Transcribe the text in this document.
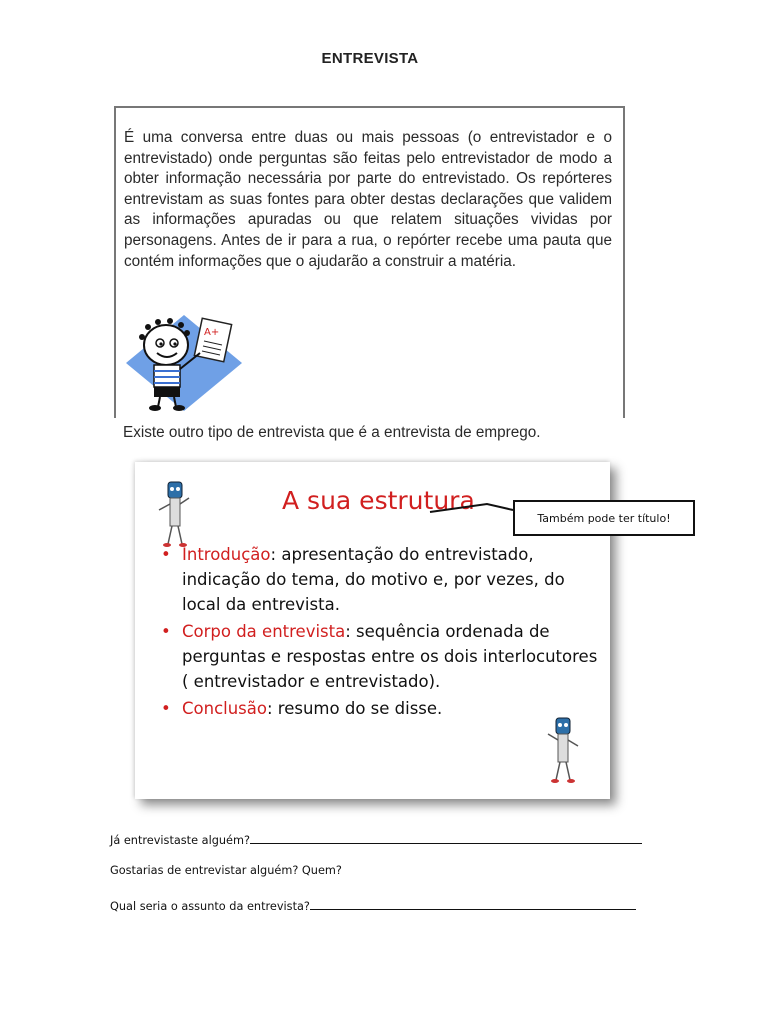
ENTREVISTA
É uma conversa entre duas ou mais pessoas (o entrevistador e o entrevistado) onde perguntas são feitas pelo entrevistador de modo a obter informação necessária por parte do entrevistado. Os repórteres entrevistam as suas fontes para obter destas declarações que validem as informações apuradas ou que relatem situações vividas por personagens. Antes de ir para a rua, o repórter recebe uma pauta que contém informações que o ajudarão a construir a matéria.
A+
Existe outro tipo de entrevista que é a entrevista de emprego.
A sua estrutura
• Introdução: apresentação do entrevistado, indicação do tema, do motivo e, por vezes, do local da entrevista.
• Corpo da entrevista: sequência ordenada de perguntas e respostas entre os dois interlocutores ( entrevistador e entrevistado).
• Conclusão: resumo do se disse.
Também pode ter título!
Já entrevistaste alguém?
Gostarias de entrevistar alguém? Quem?
Qual seria o assunto da entrevista?
